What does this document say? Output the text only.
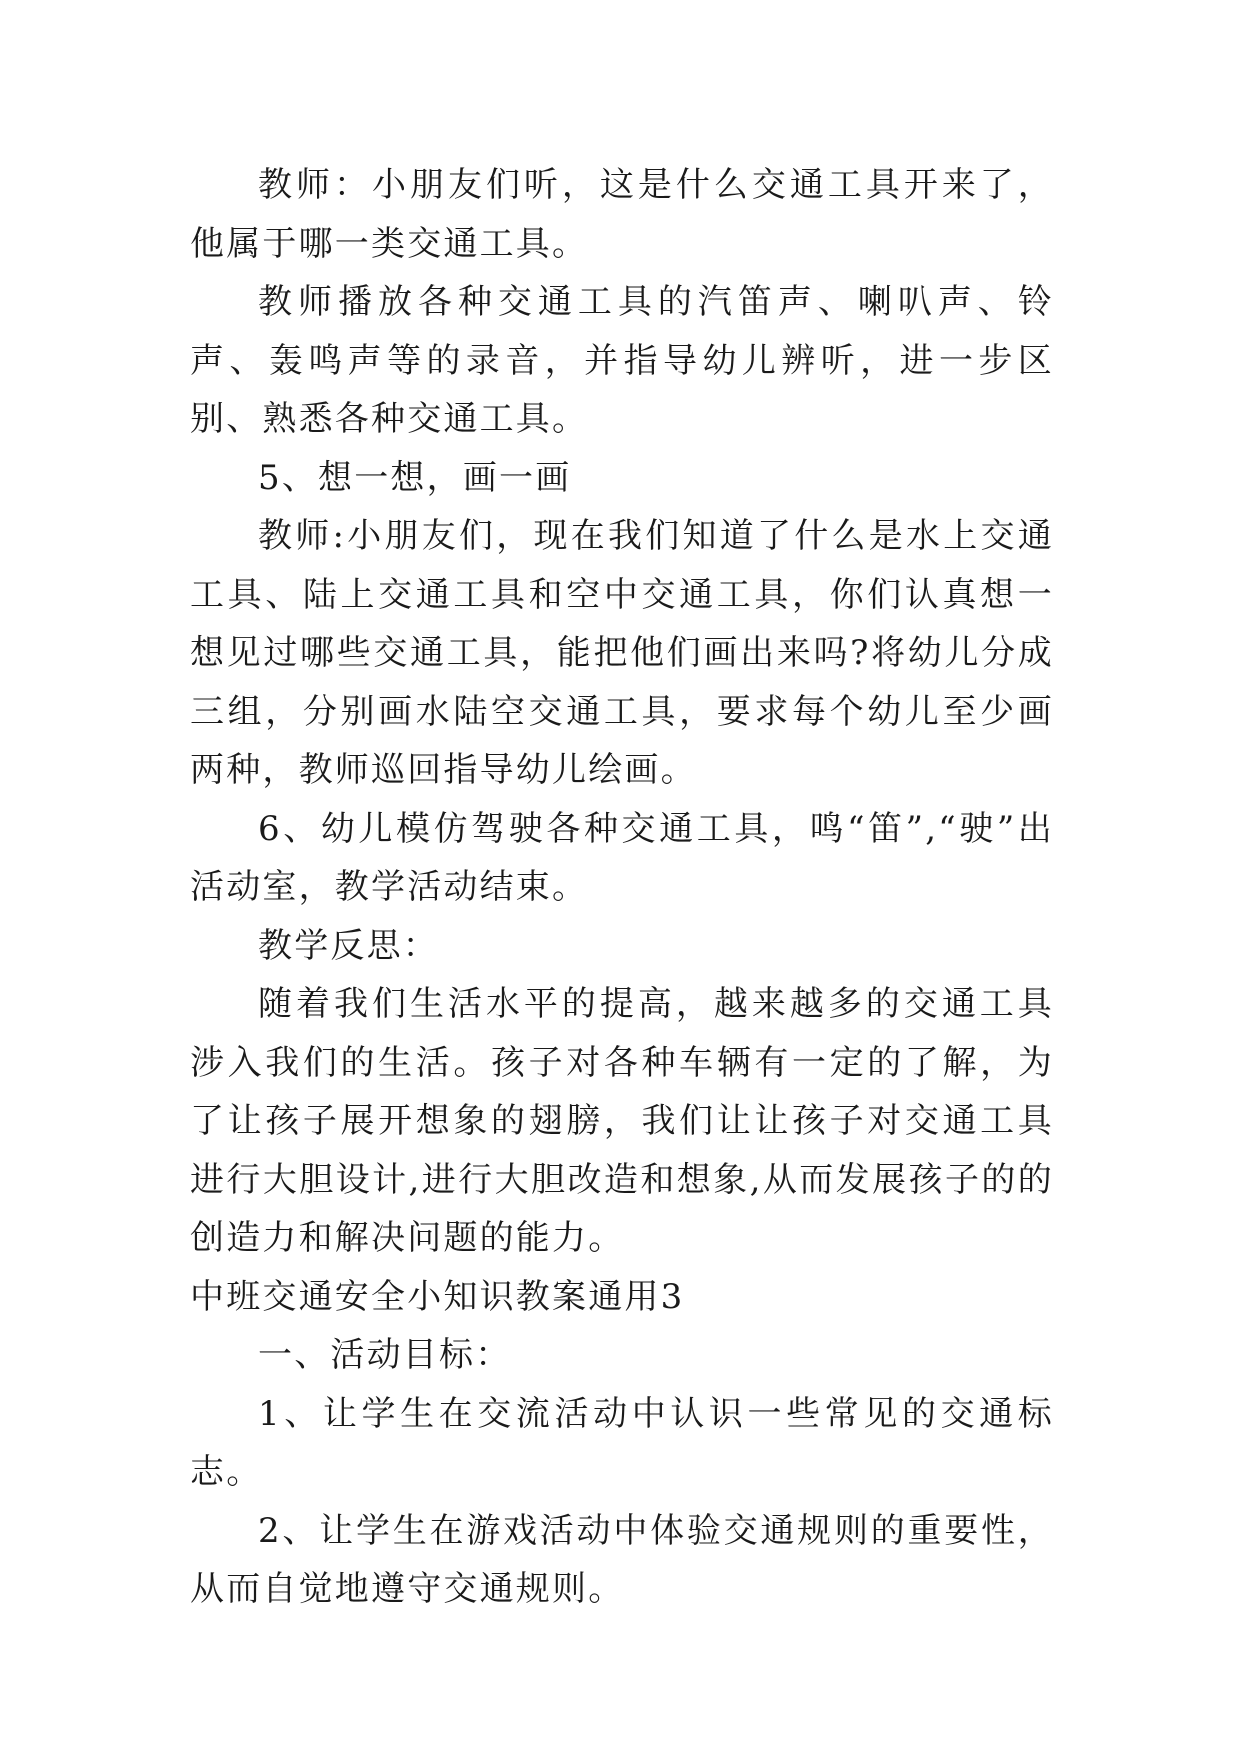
教师：小朋友们听，这是什么交通工具开来了，他属于哪一类交通工具。

教师播放各种交通工具的汽笛声、喇叭声、铃声、轰鸣声等的录音，并指导幼儿辨听，进一步区别、熟悉各种交通工具。

5、想一想，画一画

教师:小朋友们，现在我们知道了什么是水上交通工具、陆上交通工具和空中交通工具，你们认真想一想见过哪些交通工具，能把他们画出来吗?将幼儿分成三组，分别画水陆空交通工具，要求每个幼儿至少画两种，教师巡回指导幼儿绘画。

6、幼儿模仿驾驶各种交通工具，鸣“笛”,“驶”出活动室，教学活动结束。

教学反思：

随着我们生活水平的提高，越来越多的交通工具涉入我们的生活。孩子对各种车辆有一定的了解，为了让孩子展开想象的翅膀，我们让让孩子对交通工具进行大胆设计,进行大胆改造和想象,从而发展孩子的的创造力和解决问题的能力。

中班交通安全小知识教案通用3

一、活动目标：

1、让学生在交流活动中认识一些常见的交通标志。

2、让学生在游戏活动中体验交通规则的重要性，从而自觉地遵守交通规则。
